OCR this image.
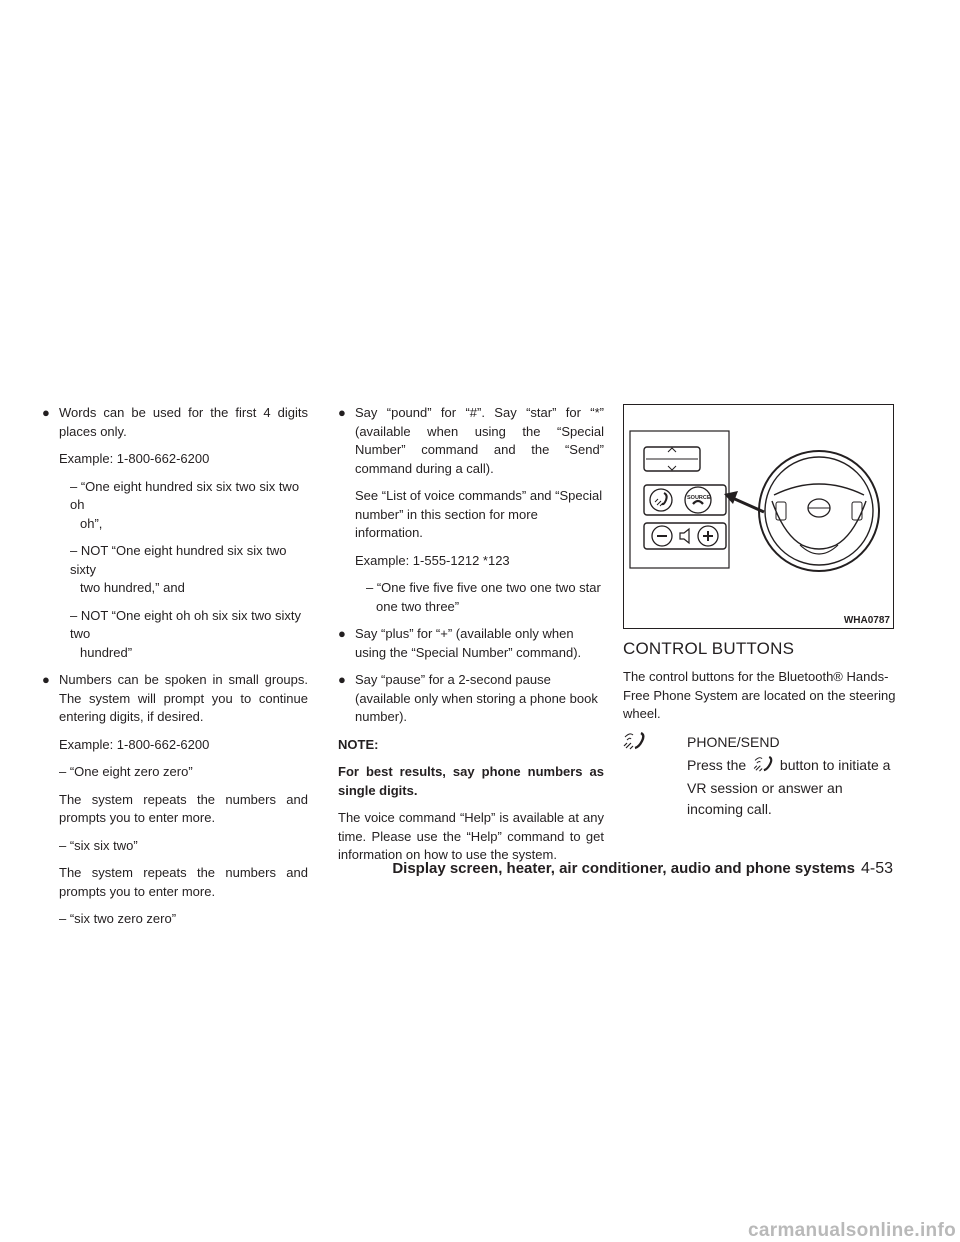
● Words can be used for the first 4 digits places only.

Example: 1-800-662-6200

– “One eight hundred six six two six two oh
oh”,
– NOT “One eight hundred six six two sixty
two hundred,” and
– NOT “One eight oh oh six six two sixty two
hundred”
● Numbers can be spoken in small groups. The system will prompt you to continue entering digits, if desired.

Example: 1-800-662-6200

– “One eight zero zero”

The system repeats the numbers and prompts you to enter more.

– “six six two”

The system repeats the numbers and prompts you to enter more.

– “six two zero zero”

● Say “pound” for “#”. Say “star” for “*” (available when using the “Special Number” command and the “Send” command during a call).

See “List of voice commands” and “Special number” in this section for more information.

Example: 1-555-1212 *123

– “One five five five one two one two star
one two three”
● Say “plus” for “+” (available only when using the “Special Number” command).
● Say “pause” for a 2-second pause (available only when storing a phone book number).

NOTE:

For best results, say phone numbers as single digits.

The voice command “Help” is available at any time. Please use the “Help” command to get information on how to use the system.

SOURCE
WHA0787
CONTROL BUTTONS

The control buttons for the Bluetooth® Hands-Free Phone System are located on the steering wheel.

PHONE/SEND
Press the button to initiate a VR session or answer an incoming call.
Display screen, heater, air conditioner, audio and phone systems 4-53
carmanualsonline.info
